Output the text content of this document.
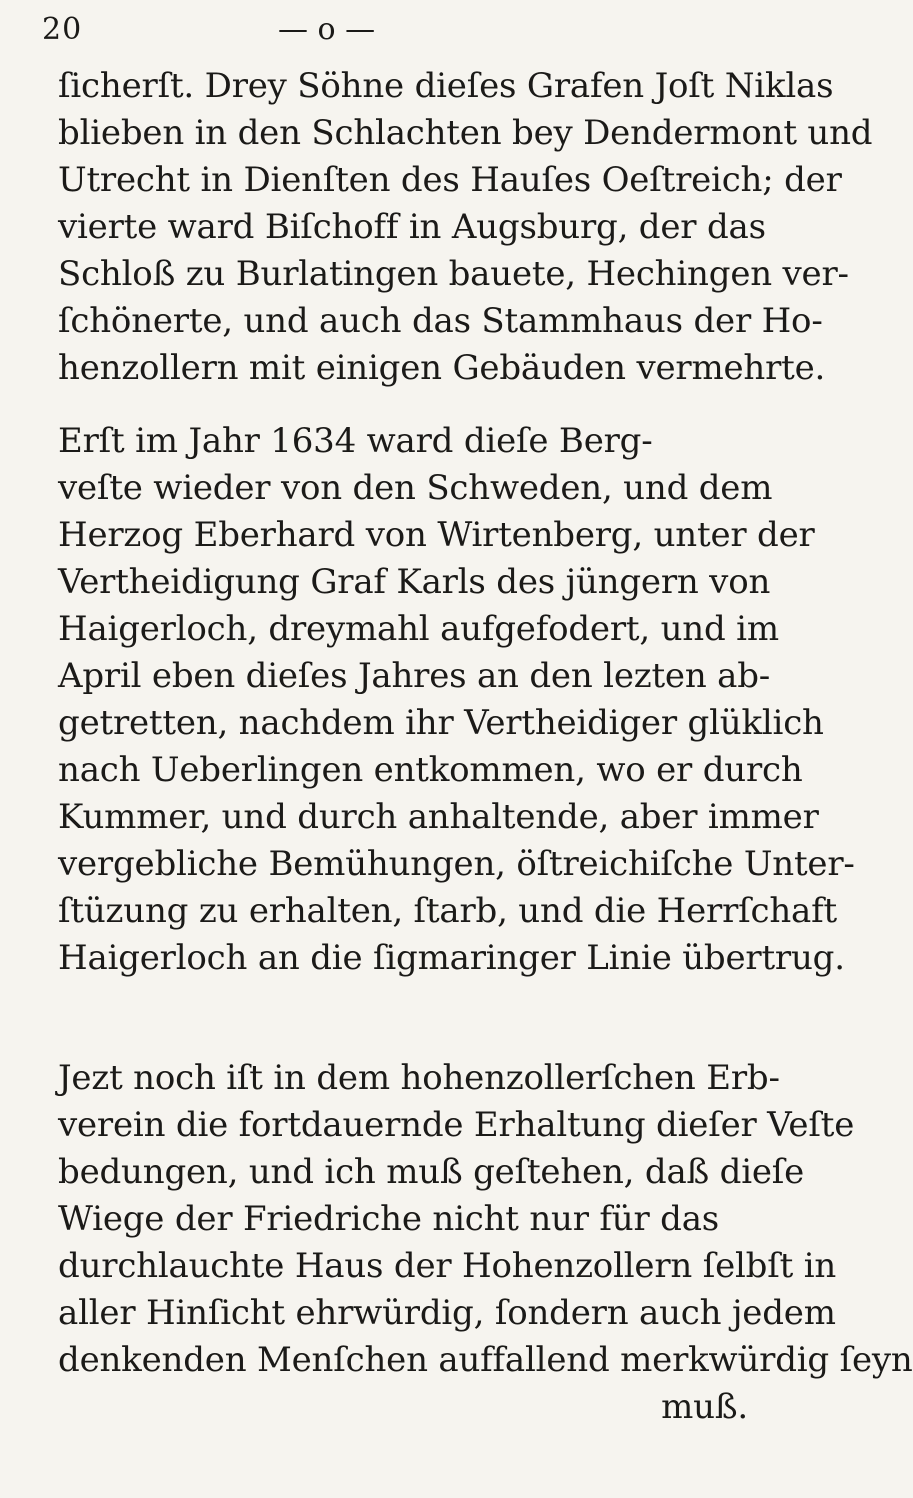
20	— o —
ſicherſt. Drey Söhne dieſes Grafen Joſt Niklas
blieben in den Schlachten bey Dendermont und
Utrecht in Dienſten des Hauſes Oeſtreich; der
vierte ward Biſchoff in Augsburg, der das
Schloß zu Burlatingen bauete, Hechingen ver-
ſchönerte, und auch das Stammhaus der Ho-
henzollern mit einigen Gebäuden vermehrte.
Erſt im Jahr 1634 ward dieſe Berg-
veſte wieder von den Schweden, und dem
Herzog Eberhard von Wirtenberg, unter der
Vertheidigung Graf Karls des jüngern von
Haigerloch, dreymahl aufgefodert, und im
April eben dieſes Jahres an den lezten ab-
getretten, nachdem ihr Vertheidiger glüklich
nach Ueberlingen entkommen, wo er durch
Kummer, und durch anhaltende, aber immer
vergebliche Bemühungen, öſtreichiſche Unter-
ſtüzung zu erhalten, ſtarb, und die Herrſchaft
Haigerloch an die ſigmaringer Linie übertrug.
Jezt noch iſt in dem hohenzollerſchen Erb-
verein die fortdauernde Erhaltung dieſer Veſte
bedungen, und ich muß geſtehen, daß dieſe
Wiege der Friedriche nicht nur für das
durchlauchte Haus der Hohenzollern ſelbſt in
aller Hinſicht ehrwürdig, ſondern auch jedem
denkenden Menſchen auffallend merkwürdig ſeyn
muß.
